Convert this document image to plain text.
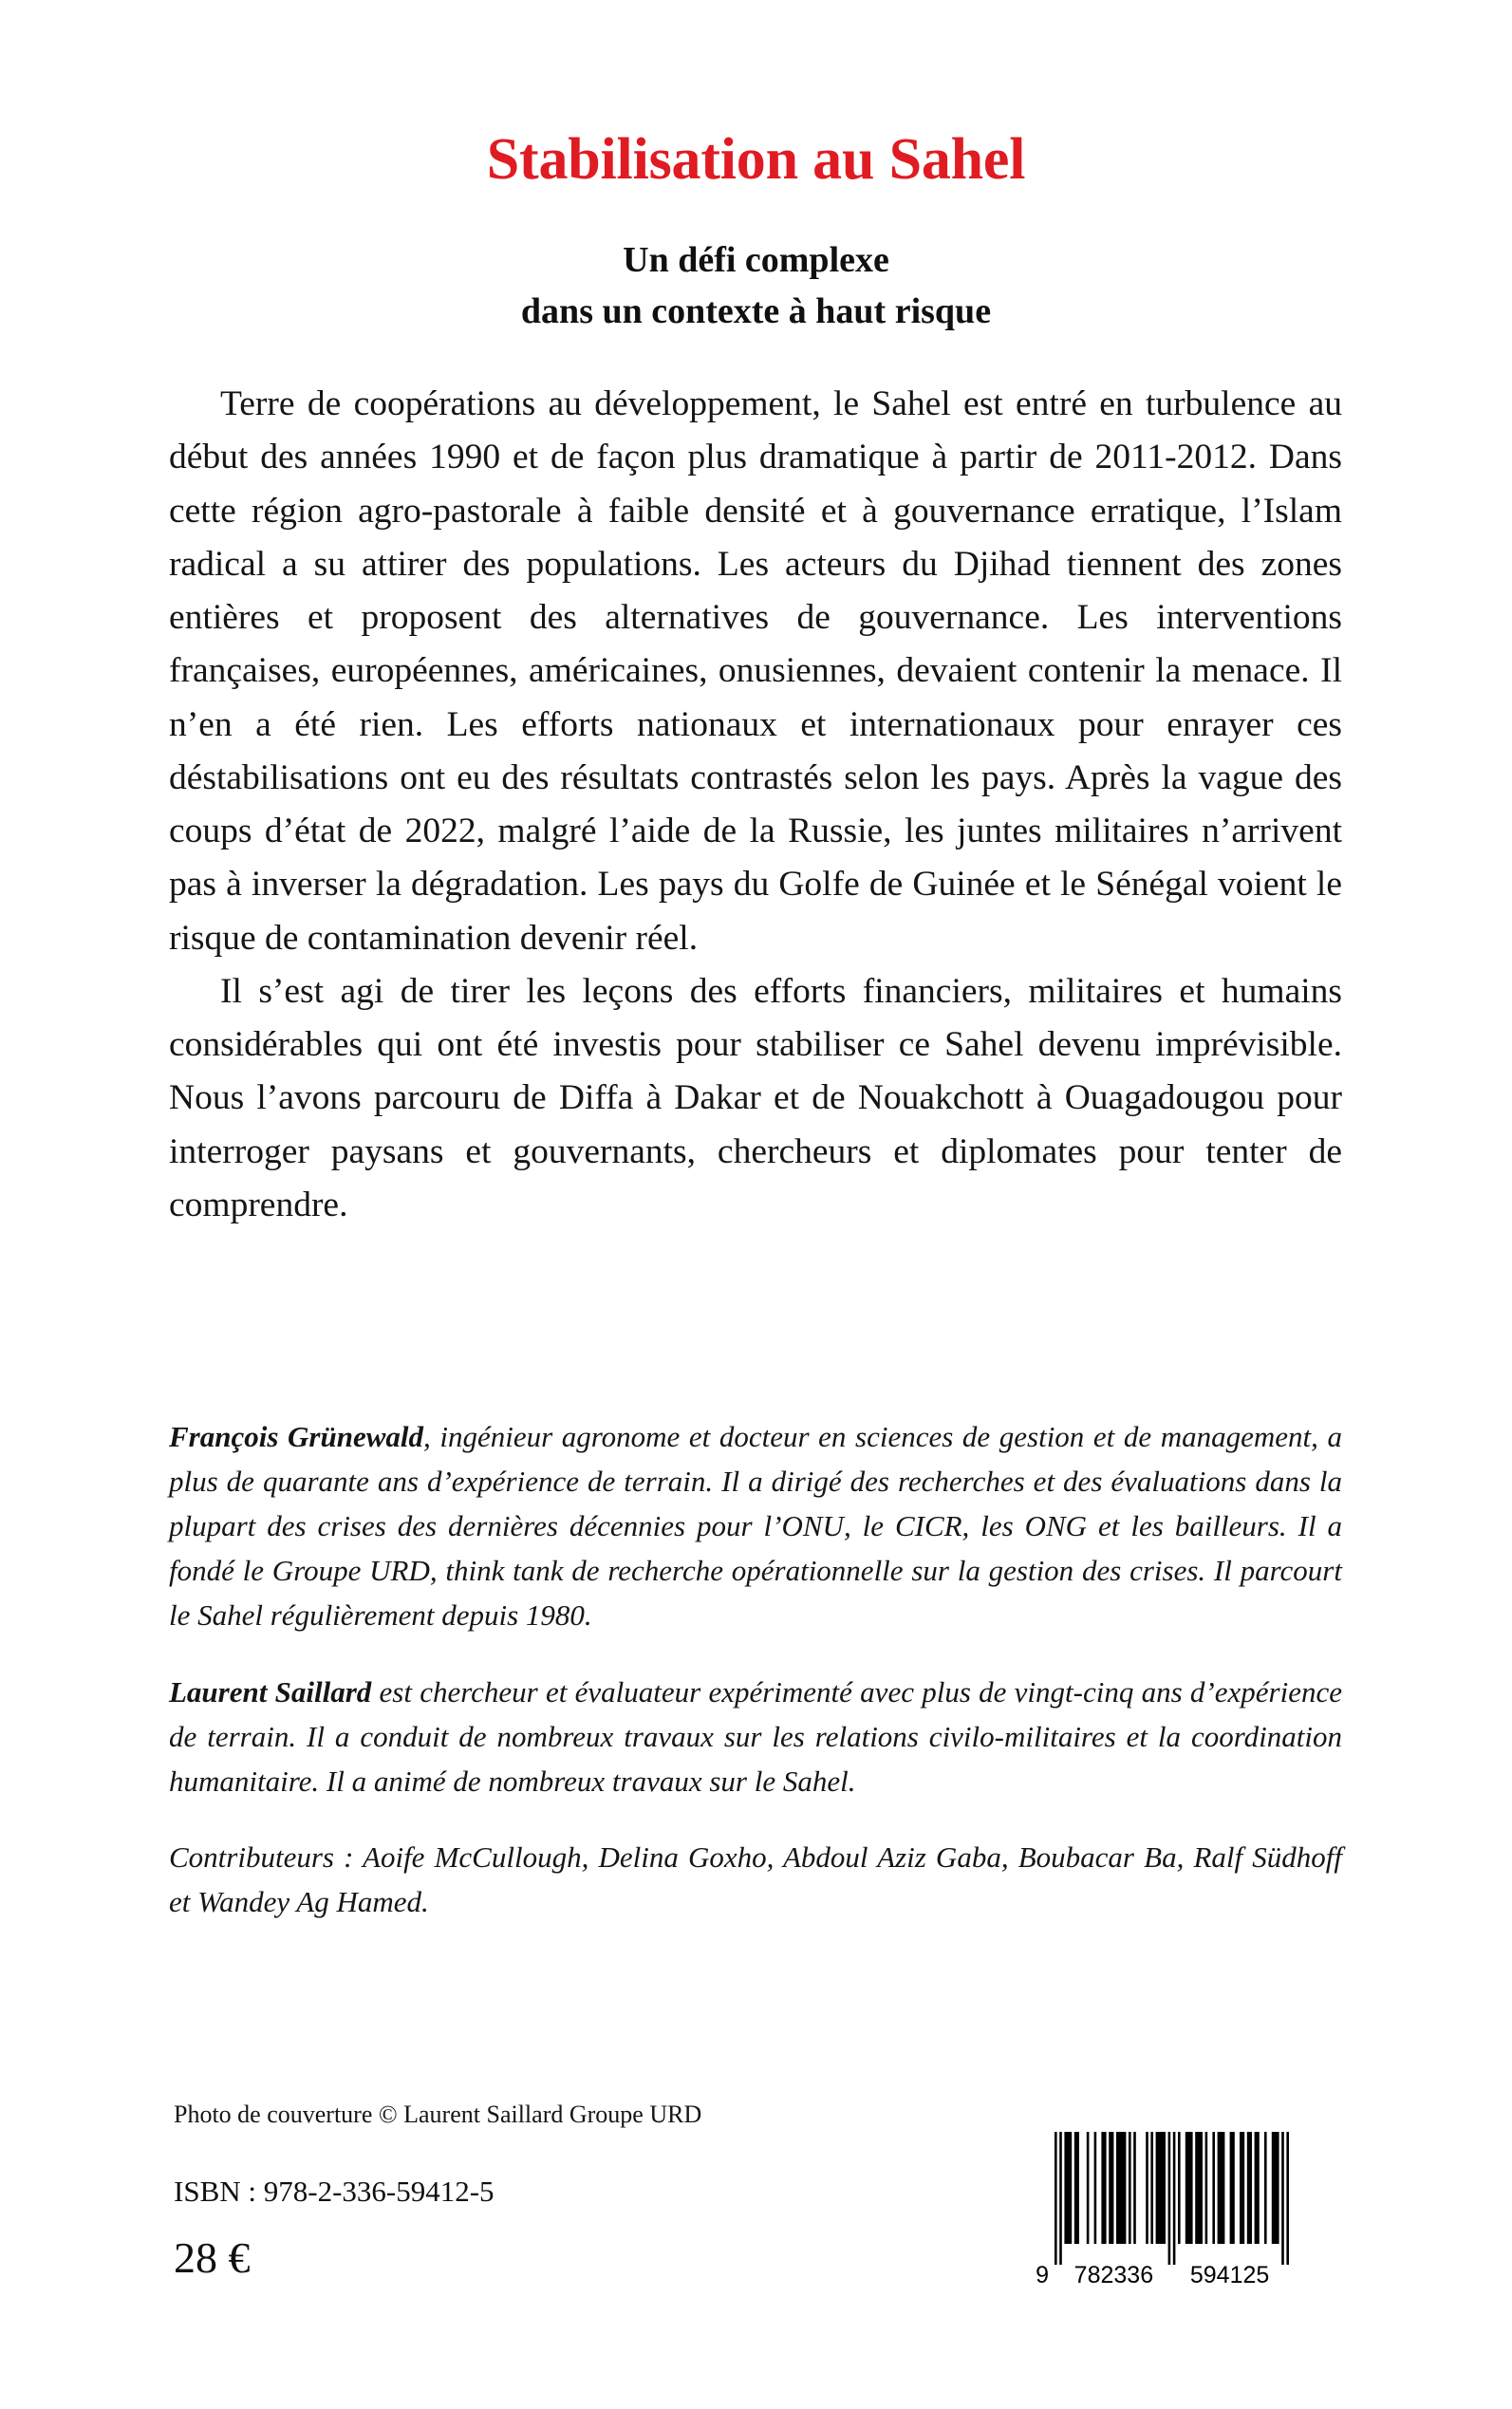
Stabilisation au Sahel
Un défi complexe
dans un contexte à haut risque

Terre de coopérations au développement, le Sahel est entré en turbulence au début des années 1990 et de façon plus dramatique à partir de 2011-2012. Dans cette région agro-pastorale à faible densité et à gouvernance erratique, l’Islam radical a su attirer des populations. Les acteurs du Djihad tiennent des zones entières et proposent des alternatives de gouvernance. Les interventions françaises, européennes, américaines, onusiennes, devaient contenir la menace. Il n’en a été rien. Les efforts nationaux et internationaux pour enrayer ces déstabilisations ont eu des résultats contrastés selon les pays. Après la vague des coups d’état de 2022, malgré l’aide de la Russie, les juntes militaires n’arrivent pas à inverser la dégradation. Les pays du Golfe de Guinée et le Sénégal voient le risque de contamination devenir réel.

Il s’est agi de tirer les leçons des efforts financiers, militaires et humains considérables qui ont été investis pour stabiliser ce Sahel devenu imprévisible. Nous l’avons parcouru de Diffa à Dakar et de Nouakchott à Ouagadougou pour interroger paysans et gouvernants, chercheurs et diplomates pour tenter de comprendre.

François Grünewald, ingénieur agronome et docteur en sciences de gestion et de management, a plus de quarante ans d’expérience de terrain. Il a dirigé des recherches et des évaluations dans la plupart des crises des dernières décennies pour l’ONU, le CICR, les ONG et les bailleurs. Il a fondé le Groupe URD, think tank de recherche opérationnelle sur la gestion des crises. Il parcourt le Sahel régulièrement depuis 1980.

Laurent Saillard est chercheur et évaluateur expérimenté avec plus de vingt-cinq ans d’expérience de terrain. Il a conduit de nombreux travaux sur les relations civilo-militaires et la coordination humanitaire. Il a animé de nombreux travaux sur le Sahel.

Contributeurs : Aoife McCullough, Delina Goxho, Abdoul Aziz Gaba, Boubacar Ba, Ralf Südhoff et Wandey Ag Hamed.

Photo de couverture © Laurent Saillard Groupe URD

ISBN : 978-2-336-59412-5

28 €	9 782336 594125
